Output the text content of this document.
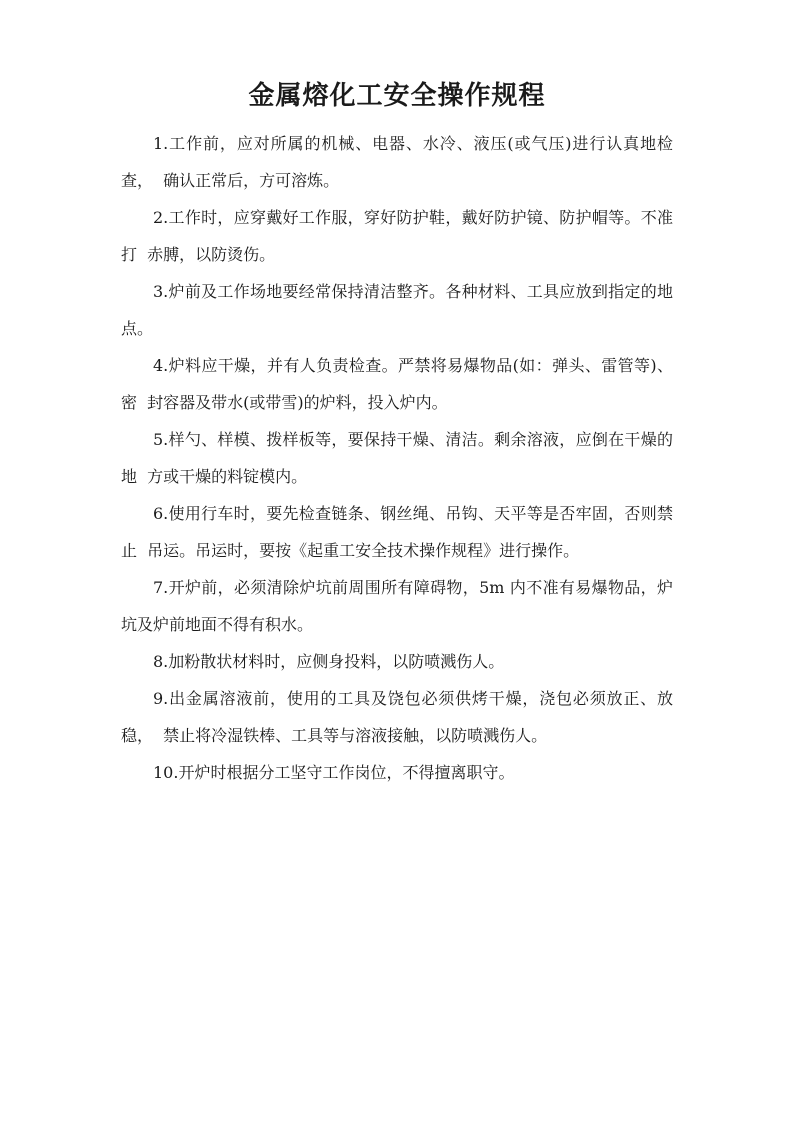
金属熔化工安全操作规程

1.工作前，应对所属的机械、电器、水冷、液压(或气压)进行认真地检查，  确认正常后，方可溶炼。

2.工作时，应穿戴好工作服，穿好防护鞋，戴好防护镜、防护帽等。不准打  赤膊，以防烫伤。

3.炉前及工作场地要经常保持清洁整齐。各种材料、工具应放到指定的地点。

4.炉料应干燥，并有人负责检查。严禁将易爆物品(如：弹头、雷管等)、密  封容器及带水(或带雪)的炉料，投入炉内。

5.样勺、样模、拨样板等，要保持干燥、清洁。剩余溶液，应倒在干燥的地  方或干燥的料锭模内。

6.使用行车时，要先检查链条、钢丝绳、吊钩、天平等是否牢固，否则禁止  吊运。吊运时，要按《起重工安全技术操作规程》进行操作。

7.开炉前，必须清除炉坑前周围所有障碍物，5m 内不准有易爆物品，炉坑及炉前地面不得有积水。

8.加粉散状材料时，应侧身投料，以防喷溅伤人。

9.出金属溶液前，使用的工具及饶包必须供烤干燥，浇包必须放正、放稳，  禁止将冷湿铁棒、工具等与溶液接触，以防喷溅伤人。

10.开炉时根据分工坚守工作岗位，不得擅离职守。
